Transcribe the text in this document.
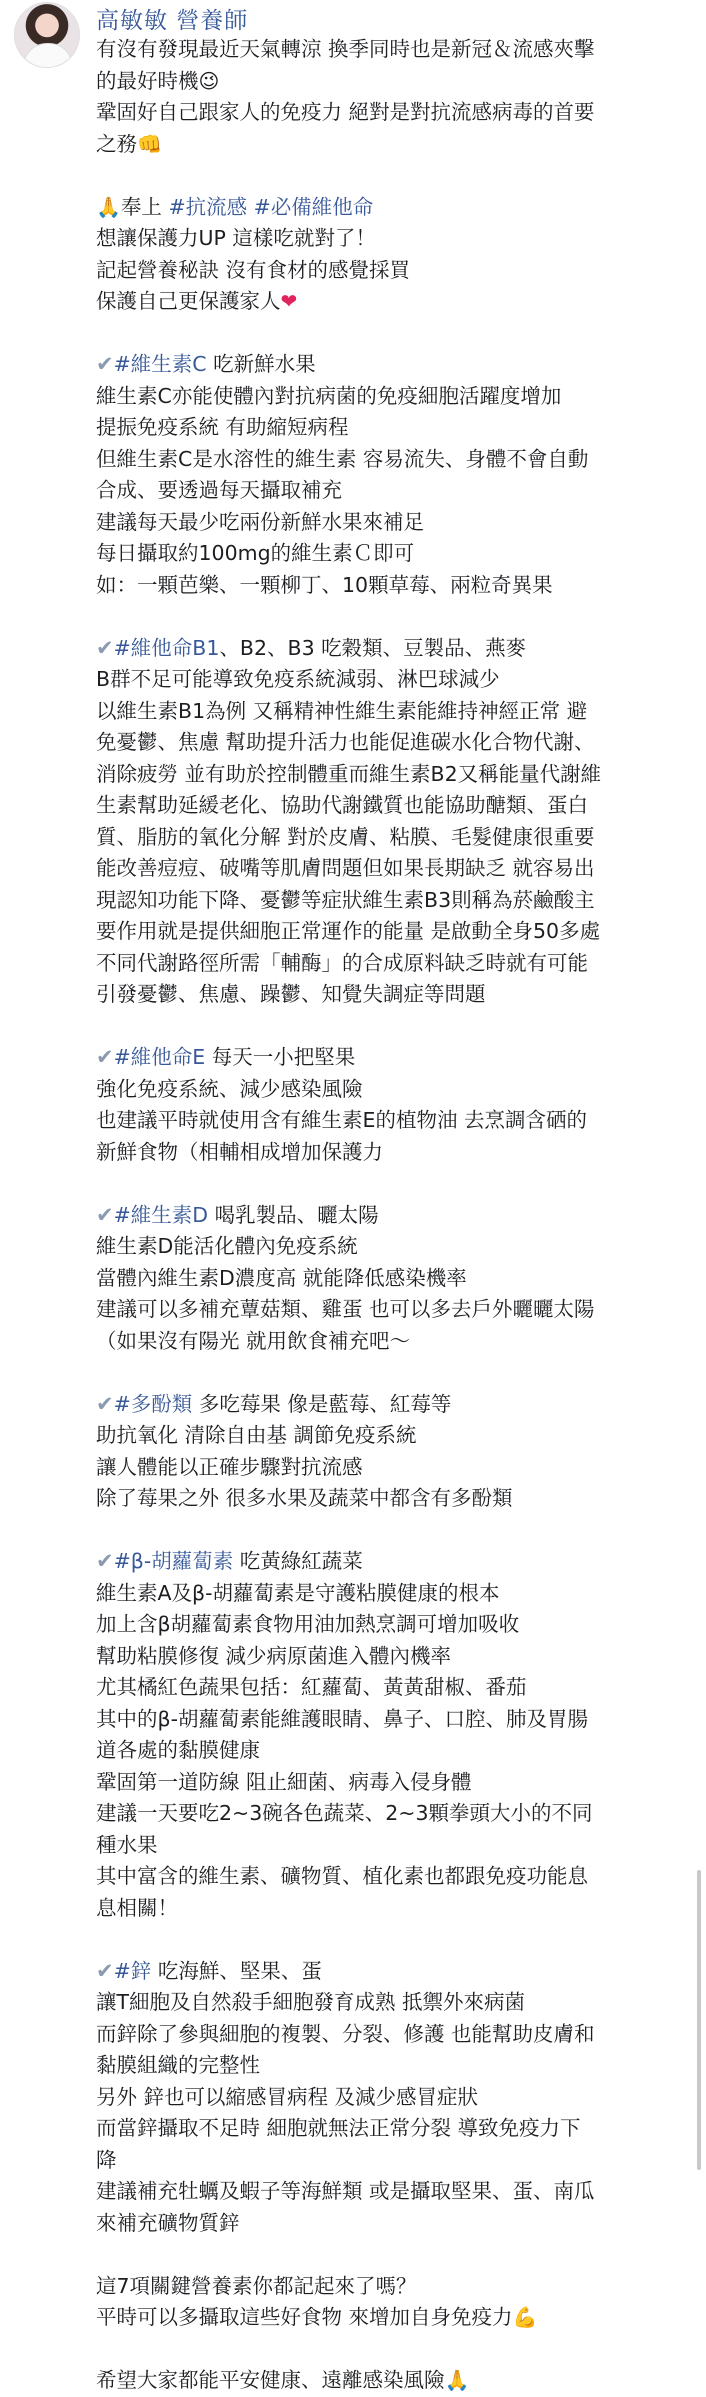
高敏敏 營養師
有沒有發現最近天氣轉涼 換季同時也是新冠＆流感夾擊
的最好時機😉
鞏固好自己跟家人的免疫力 絕對是對抗流感病毒的首要
之務👊
🙏奉上 #抗流感 #必備維他命
想讓保護力UP 這樣吃就對了！
記起營養秘訣 沒有食材的感覺採買
保護自己更保護家人❤
✔#維生素C 吃新鮮水果
維生素C亦能使體內對抗病菌的免疫細胞活躍度增加
提振免疫系統 有助縮短病程
但維生素C是水溶性的維生素 容易流失、身體不會自動
合成、要透過每天攝取補充
建議每天最少吃兩份新鮮水果來補足
每日攝取約100mg的維生素Ｃ即可
如：一顆芭樂、一顆柳丁、10顆草莓、兩粒奇異果
✔#維他命B1、B2、B3 吃穀類、豆製品、燕麥
B群不足可能導致免疫系統減弱、淋巴球減少
以維生素B1為例 又稱精神性維生素能維持神經正常 避
免憂鬱、焦慮 幫助提升活力也能促進碳水化合物代謝、
消除疲勞 並有助於控制體重而維生素B2又稱能量代謝維
生素幫助延緩老化、協助代謝鐵質也能協助醣類、蛋白
質、脂肪的氧化分解 對於皮膚、粘膜、毛髮健康很重要
能改善痘痘、破嘴等肌膚問題但如果長期缺乏 就容易出
現認知功能下降、憂鬱等症狀維生素B3則稱為菸鹼酸主
要作用就是提供細胞正常運作的能量 是啟動全身50多處
不同代謝路徑所需「輔酶」的合成原料缺乏時就有可能
引發憂鬱、焦慮、躁鬱、知覺失調症等問題
✔#維他命E 每天一小把堅果
強化免疫系統、減少感染風險
也建議平時就使用含有維生素E的植物油 去烹調含硒的
新鮮食物（相輔相成增加保護力
✔#維生素D 喝乳製品、曬太陽
維生素D能活化體內免疫系統
當體內維生素D濃度高 就能降低感染機率
建議可以多補充蕈菇類、雞蛋 也可以多去戶外曬曬太陽
（如果沒有陽光 就用飲食補充吧～
✔#多酚類 多吃莓果 像是藍莓、紅莓等
助抗氧化 清除自由基 調節免疫系統
讓人體能以正確步驟對抗流感
除了莓果之外 很多水果及蔬菜中都含有多酚類
✔#β-胡蘿蔔素 吃黃綠紅蔬菜
維生素A及β-胡蘿蔔素是守護粘膜健康的根本
加上含β胡蘿蔔素食物用油加熱烹調可增加吸收
幫助粘膜修復 減少病原菌進入體內機率
尤其橘紅色蔬果包括：紅蘿蔔、黃黃甜椒、番茄
其中的β-胡蘿蔔素能維護眼睛、鼻子、口腔、肺及胃腸
道各處的黏膜健康
鞏固第一道防線 阻止細菌、病毒入侵身體
建議一天要吃2~3碗各色蔬菜、2~3顆拳頭大小的不同
種水果
其中富含的維生素、礦物質、植化素也都跟免疫功能息
息相關！
✔#鋅 吃海鮮、堅果、蛋
讓T細胞及自然殺手細胞發育成熟 抵禦外來病菌
而鋅除了參與細胞的複製、分裂、修護 也能幫助皮膚和
黏膜組織的完整性
另外 鋅也可以縮感冒病程 及減少感冒症狀
而當鋅攝取不足時 細胞就無法正常分裂 導致免疫力下
降
建議補充牡蠣及蝦子等海鮮類 或是攝取堅果、蛋、南瓜
來補充礦物質鋅
這7項關鍵營養素你都記起來了嗎？
平時可以多攝取這些好食物 來增加自身免疫力💪
希望大家都能平安健康、遠離感染風險🙏
